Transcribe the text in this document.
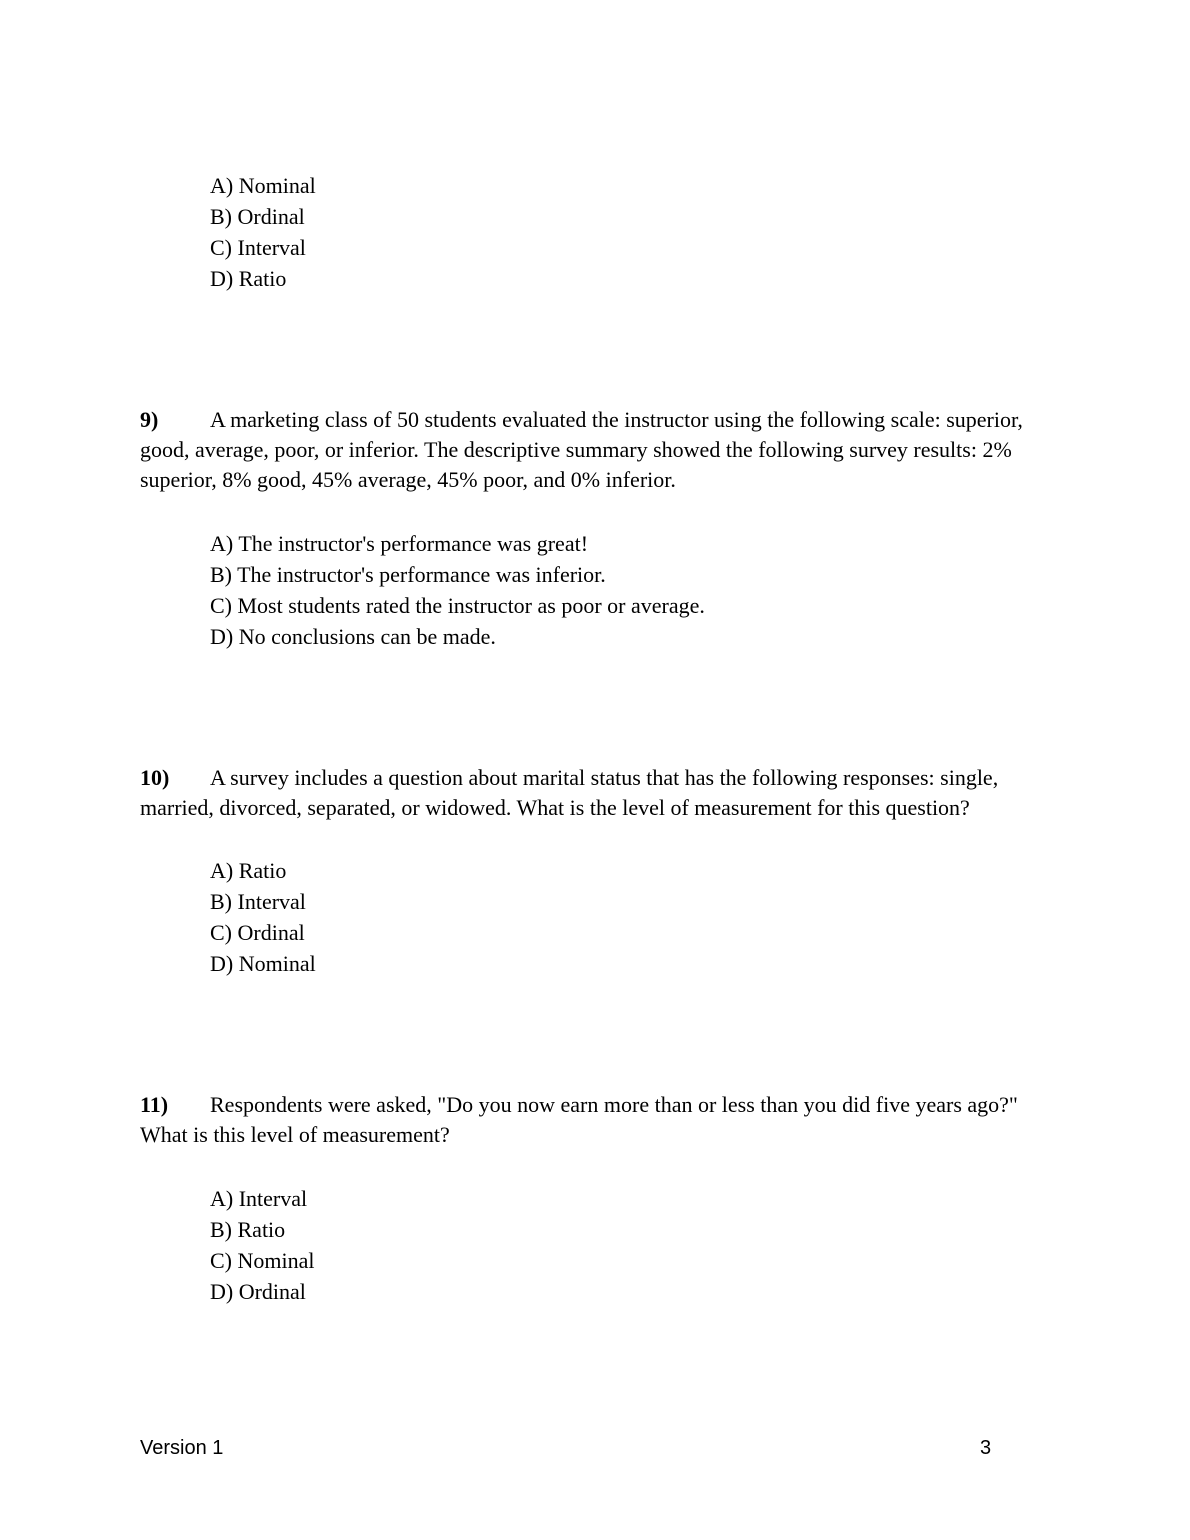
A) Nominal
B) Ordinal
C) Interval
D) Ratio
9) A marketing class of 50 students evaluated the instructor using the following scale: superior, good, average, poor, or inferior. The descriptive summary showed the following survey results: 2% superior, 8% good, 45% average, 45% poor, and 0% inferior.
A) The instructor's performance was great!
B) The instructor's performance was inferior.
C) Most students rated the instructor as poor or average.
D) No conclusions can be made.
10) A survey includes a question about marital status that has the following responses: single, married, divorced, separated, or widowed. What is the level of measurement for this question?
A) Ratio
B) Interval
C) Ordinal
D) Nominal
11) Respondents were asked, "Do you now earn more than or less than you did five years ago?" What is this level of measurement?
A) Interval
B) Ratio
C) Nominal
D) Ordinal
Version 1	3
